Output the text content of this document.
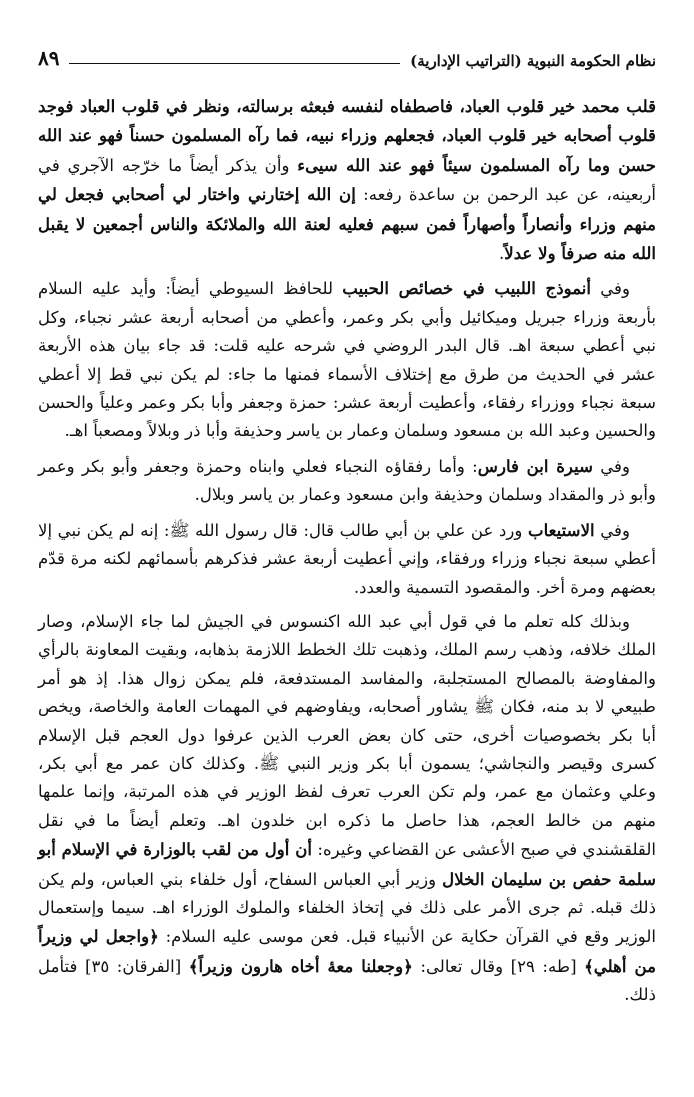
نظام الحكومة النبوية (التراتيب الإدارية)
٨٩

قلب محمد خير قلوب العباد، فاصطفاه لنفسه فبعثه برسالته، ونظر في قلوب العباد فوجد قلوب أصحابه خير قلوب العباد، فجعلهم وزراء نبيه، فما رآه المسلمون حسناً فهو عند الله حسن وما رآه المسلمون سيئاً فهو عند الله سيىء وأن يذكر أيضاً ما خرّجه الآجري في أربعينه، عن عبد الرحمن بن ساعدة رفعه: إن الله إختارني واختار لي أصحابي فجعل لي منهم وزراء وأنصاراً وأصهاراً فمن سبهم فعليه لعنة الله والملائكة والناس أجمعين لا يقبل الله منه صرفاً ولا عدلاً.

وفي أنموذج اللبيب في خصائص الحبيب للحافظ السيوطي أيضاً: وأيد عليه السلام بأربعة وزراء جبريل وميكائيل وأبي بكر وعمر، وأعطي من أصحابه أربعة عشر نجباء، وكل نبي أعطي سبعة اهـ. قال البدر الروضي في شرحه عليه قلت: قد جاء بيان هذه الأربعة عشر في الحديث من طرق مع إختلاف الأسماء فمنها ما جاء: لم يكن نبي قط إلا أعطي سبعة نجباء ووزراء رفقاء، وأعطيت أربعة عشر: حمزة وجعفر وأبا بكر وعمر وعلياً والحسن والحسين وعبد الله بن مسعود وسلمان وعمار بن ياسر وحذيفة وأبا ذر وبلالاً ومصعباً اهـ.

وفي سيرة ابن فارس: وأما رفقاؤه النجباء فعلي وابناه وحمزة وجعفر وأبو بكر وعمر وأبو ذر والمقداد وسلمان وحذيفة وابن مسعود وعمار بن ياسر وبلال.

وفي الاستيعاب ورد عن علي بن أبي طالب قال: قال رسول الله ﷺ: إنه لم يكن نبي إلا أعطي سبعة نجباء وزراء ورفقاء، وإني أعطيت أربعة عشر فذكرهم بأسمائهم لكنه مرة قدّم بعضهم ومرة أخر. والمقصود التسمية والعدد.

وبذلك كله تعلم ما في قول أبي عبد الله اكنسوس في الجيش لما جاء الإسلام، وصار الملك خلافه، وذهب رسم الملك، وذهبت تلك الخطط اللازمة بذهابه، وبقيت المعاونة بالرأي والمفاوضة بالمصالح المستجلبة، والمفاسد المستدفعة، فلم يمكن زوال هذا. إذ هو أمر طبيعي لا بد منه، فكان ﷺ يشاور أصحابه، ويفاوضهم في المهمات العامة والخاصة، ويخص أبا بكر بخصوصيات أخرى، حتى كان بعض العرب الذين عرفوا دول العجم قبل الإسلام كسرى وقيصر والنجاشي؛ يسمون أبا بكر وزير النبي ﷺ. وكذلك كان عمر مع أبي بكر، وعلي وعثمان مع عمر، ولم تكن العرب تعرف لفظ الوزير في هذه المرتبة، وإنما علمها منهم من خالط العجم، هذا حاصل ما ذكره ابن خلدون اهـ. وتعلم أيضاً ما في نقل القلقشندي في صبح الأعشى عن القضاعي وغيره: أن أول من لقب بالوزارة في الإسلام أبو سلمة حفص بن سليمان الخلال وزير أبي العباس السفاح، أول خلفاء بني العباس، ولم يكن ذلك قبله. ثم جرى الأمر على ذلك في إتخاذ الخلفاء والملوك الوزراء اهـ. سيما وإستعمال الوزير وقع في القرآن حكاية عن الأنبياء قبل. فعن موسى عليه السلام: ﴿واجعل لي وزيراً من أهلي﴾ [طه: ٢٩] وقال تعالى: ﴿وجعلنا معهٔ أخاه هارون وزيراً﴾ [الفرقان: ٣٥] فتأمل ذلك.
